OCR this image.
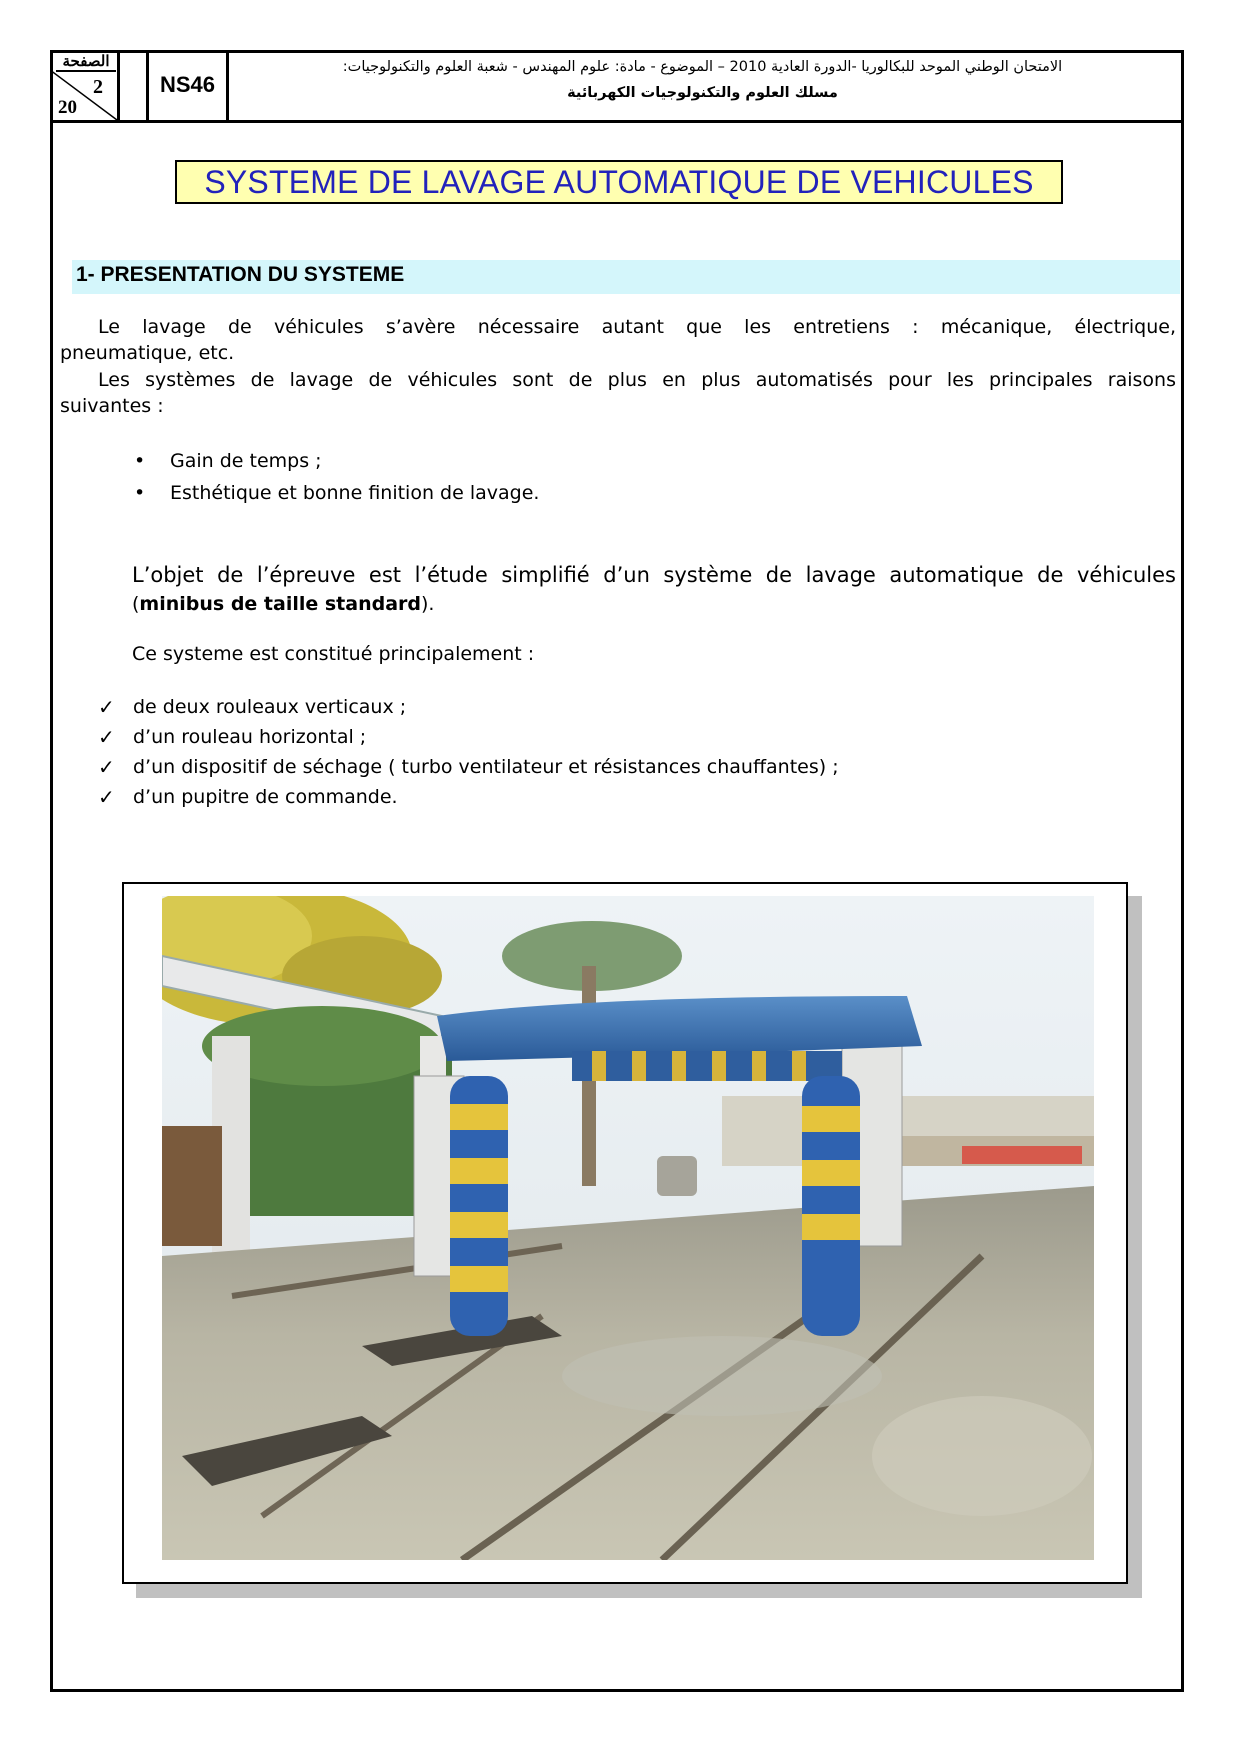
الصفحة
2
20
NS46
الامتحان الوطني الموحد للبكالوريا -الدورة العادية 2010 – الموضوع - مادة: علوم المهندس - شعبة العلوم والتكنولوجيات:
مسلك العلوم والتكنولوجيات الكهربائية
SYSTEME DE LAVAGE AUTOMATIQUE DE VEHICULES
1- PRESENTATION DU SYSTEME
Le lavage de véhicules s’avère nécessaire autant que les entretiens : mécanique, électrique,
pneumatique, etc.
Les systèmes de lavage de véhicules sont de plus en plus automatisés pour les principales raisons
suivantes :
• Gain de temps ;
• Esthétique et bonne finition de lavage.
L’objet de l’épreuve est l’étude simplifié d’un système de lavage automatique de véhicules
(minibus de taille standard).
Ce systeme est constitué principalement :
✓ de deux rouleaux verticaux ;
✓ d’un rouleau horizontal ;
✓ d’un dispositif de séchage ( turbo ventilateur et résistances chauffantes) ;
✓ d’un pupitre de commande.
